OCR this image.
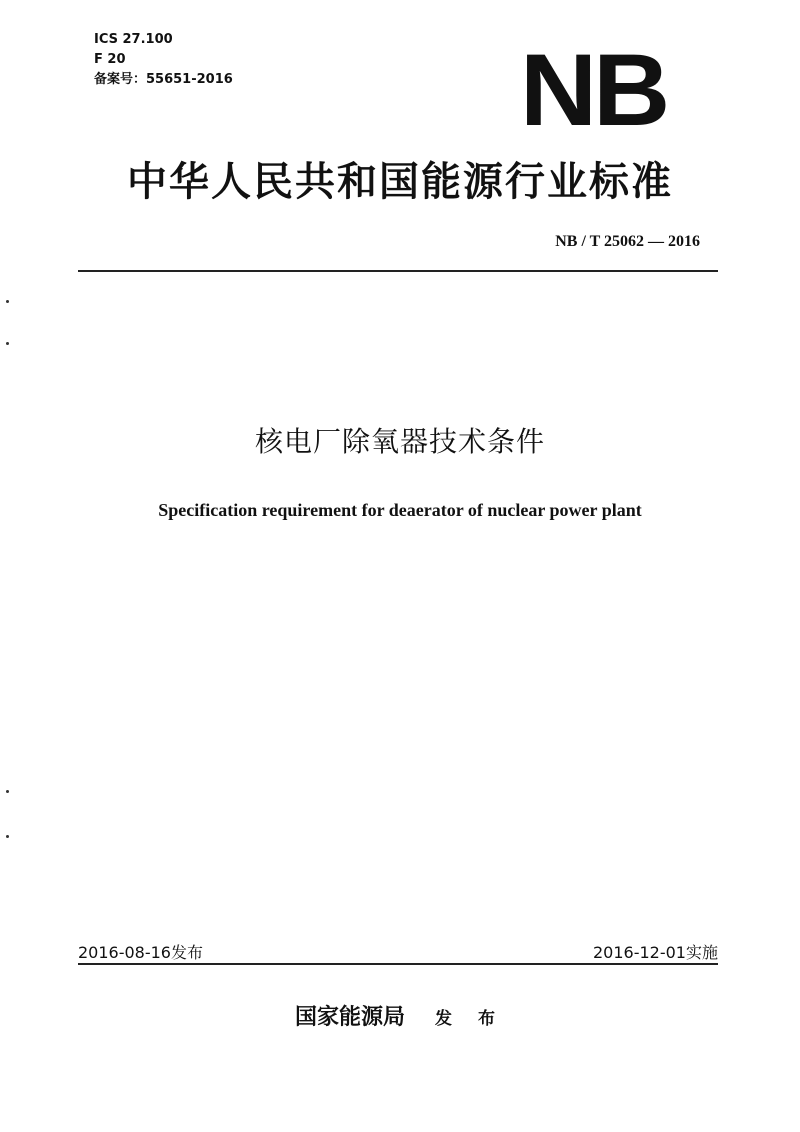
ICS 27.100
F 20
备案号：55651-2016	NB
中华人民共和国能源行业标准
NB / T 25062 — 2016
核电厂除氧器技术条件
Specification requirement for deaerator of nuclear power plant
2016-08-16发布	2016-12-01实施
国家能源局 发 布
